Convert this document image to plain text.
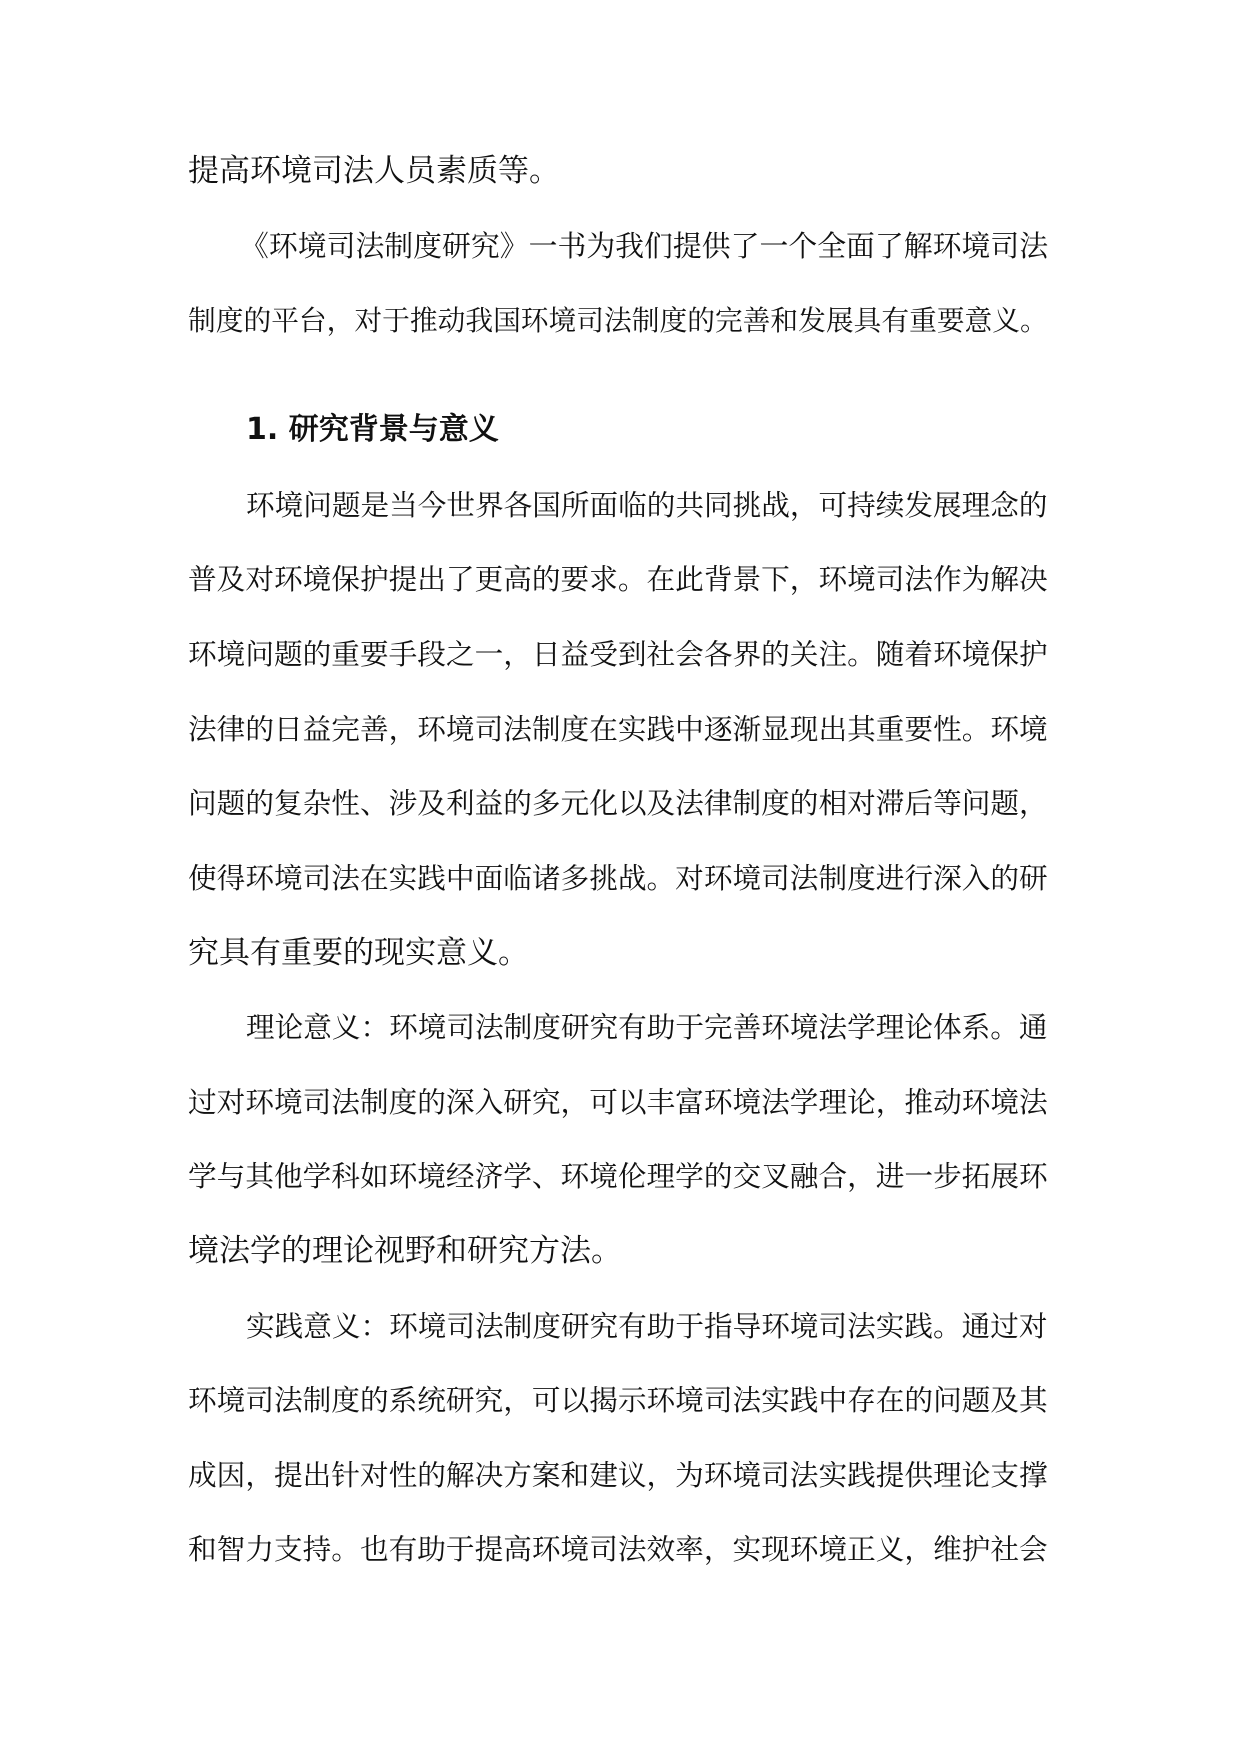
提高环境司法人员素质等。
《环境司法制度研究》一书为我们提供了一个全面了解环境司法
制度的平台，对于推动我国环境司法制度的完善和发展具有重要意义。
1. 研究背景与意义
环境问题是当今世界各国所面临的共同挑战，可持续发展理念的
普及对环境保护提出了更高的要求。在此背景下，环境司法作为解决
环境问题的重要手段之一，日益受到社会各界的关注。随着环境保护
法律的日益完善，环境司法制度在实践中逐渐显现出其重要性。环境
问题的复杂性、涉及利益的多元化以及法律制度的相对滞后等问题，
使得环境司法在实践中面临诸多挑战。对环境司法制度进行深入的研
究具有重要的现实意义。
理论意义：环境司法制度研究有助于完善环境法学理论体系。通
过对环境司法制度的深入研究，可以丰富环境法学理论，推动环境法
学与其他学科如环境经济学、环境伦理学的交叉融合，进一步拓展环
境法学的理论视野和研究方法。
实践意义：环境司法制度研究有助于指导环境司法实践。通过对
环境司法制度的系统研究，可以揭示环境司法实践中存在的问题及其
成因，提出针对性的解决方案和建议，为环境司法实践提供理论支撑
和智力支持。也有助于提高环境司法效率，实现环境正义，维护社会
